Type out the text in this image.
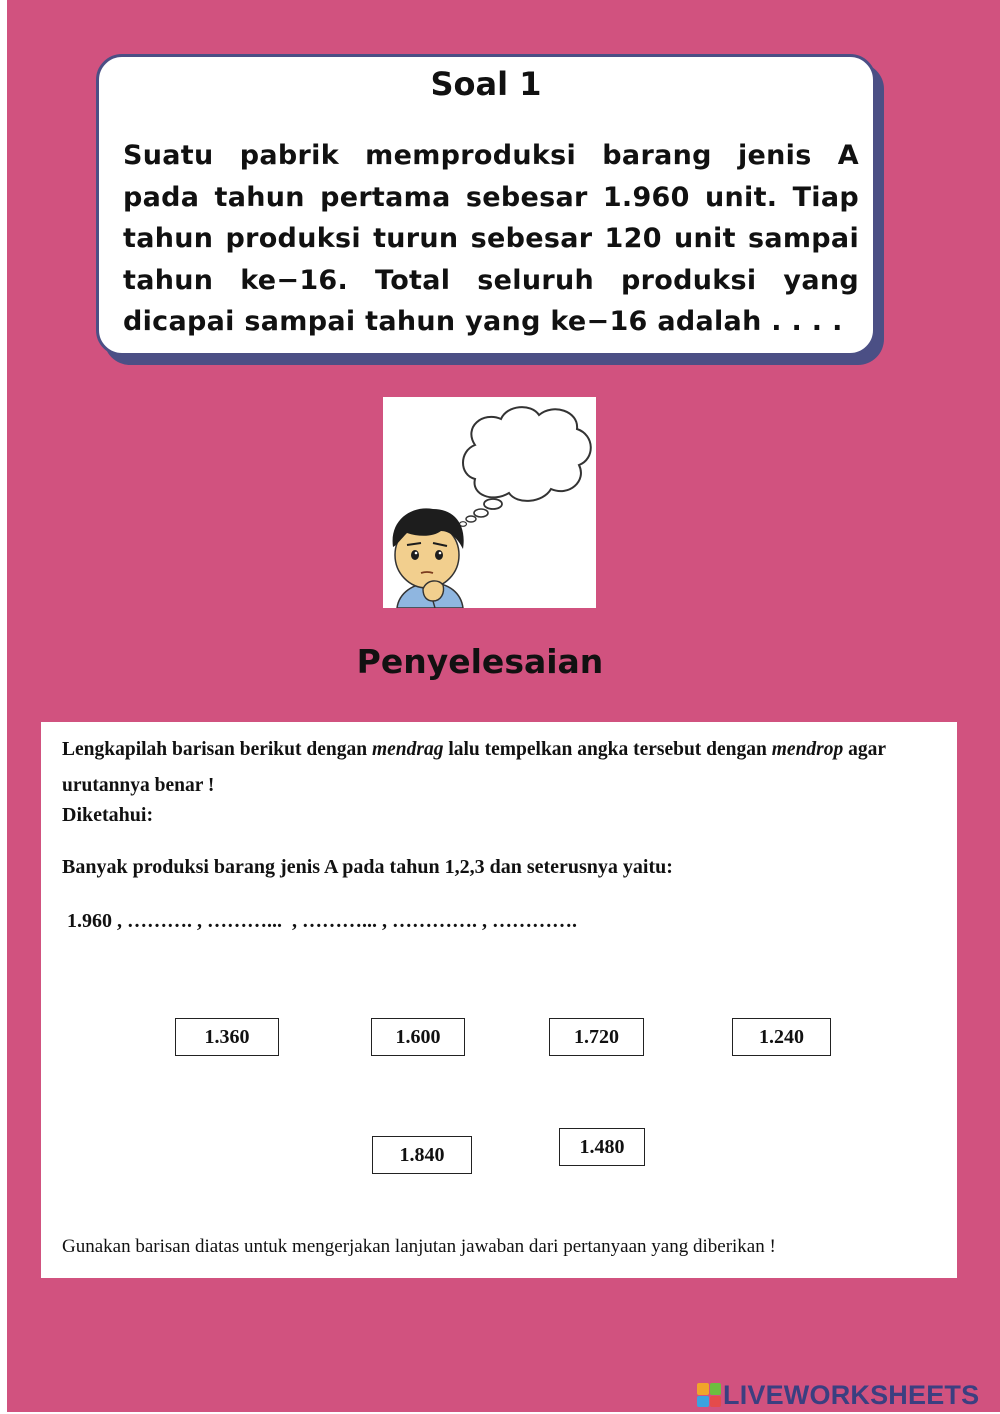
Soal 1
Suatu pabrik memproduksi barang jenis A pada tahun pertama sebesar 1.960 unit. Tiap tahun produksi turun sebesar 120 unit sampai tahun ke−16. Total seluruh produksi yang dicapai sampai tahun yang ke−16 adalah . . . .
Penyelesaian
Lengkapilah barisan berikut dengan mendrag lalu tempelkan angka tersebut dengan mendrop agar urutannya benar !
Diketahui:
Banyak produksi barang jenis A pada tahun 1,2,3 dan seterusnya yaitu:
1.960 , ………. , ………...  , ………... , …………. , ………….
1.360	1.600	1.720	1.240
1.840	1.480
Gunakan barisan diatas untuk mengerjakan lanjutan jawaban dari pertanyaan yang diberikan !
LIVEWORKSHEETS
